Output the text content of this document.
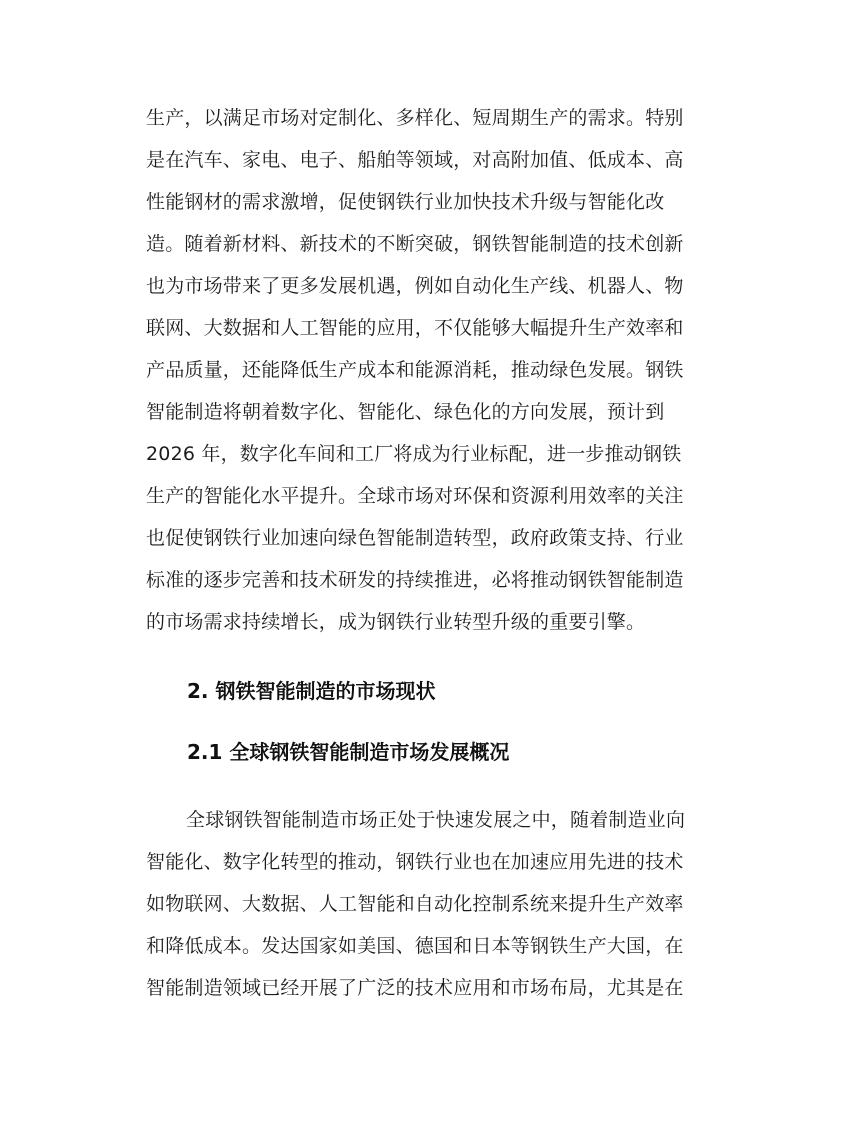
生产，以满足市场对定制化、多样化、短周期生产的需求。特别
是在汽车、家电、电子、船舶等领域，对高附加值、低成本、高
性能钢材的需求激增，促使钢铁行业加快技术升级与智能化改
造。随着新材料、新技术的不断突破，钢铁智能制造的技术创新
也为市场带来了更多发展机遇，例如自动化生产线、机器人、物
联网、大数据和人工智能的应用，不仅能够大幅提升生产效率和
产品质量，还能降低生产成本和能源消耗，推动绿色发展。钢铁
智能制造将朝着数字化、智能化、绿色化的方向发展，预计到
2026 年，数字化车间和工厂将成为行业标配，进一步推动钢铁
生产的智能化水平提升。全球市场对环保和资源利用效率的关注
也促使钢铁行业加速向绿色智能制造转型，政府政策支持、行业
标准的逐步完善和技术研发的持续推进，必将推动钢铁智能制造
的市场需求持续增长，成为钢铁行业转型升级的重要引擎。
2. 钢铁智能制造的市场现状
2.1 全球钢铁智能制造市场发展概况
全球钢铁智能制造市场正处于快速发展之中，随着制造业向
智能化、数字化转型的推动，钢铁行业也在加速应用先进的技术
如物联网、大数据、人工智能和自动化控制系统来提升生产效率
和降低成本。发达国家如美国、德国和日本等钢铁生产大国，在
智能制造领域已经开展了广泛的技术应用和市场布局，尤其是在
